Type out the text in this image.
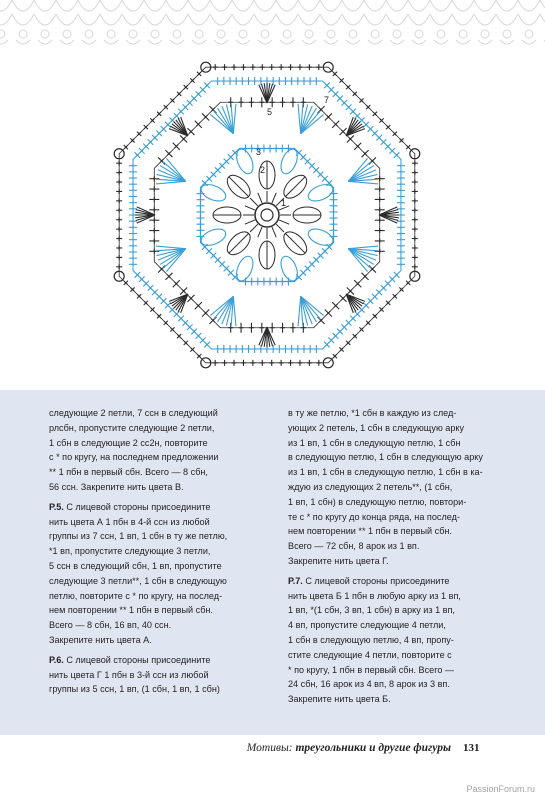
5
2
3
1
7

следующие 2 петли, 7 ссн в следующий
рлсбн, пропустите следующие 2 петли,
1 сбн в следующие 2 сс2н, повторите
с * по кругу, на последнем предложении
** 1 пбн в первый сбн. Всего — 8 сбн,
56 ссн. Закрепите нить цвета В.

Р.5. С лицевой стороны присоедините
нить цвета А 1 пбн в 4-й ссн из любой
группы из 7 ссн, 1 вп, 1 сбн в ту же петлю,
*1 вп, пропустите следующие 3 петли,
5 ссн в следующий сбн, 1 вп, пропустите
следующие 3 петли**, 1 сбн в следующую
петлю, повторите с * по кругу, на послед-
нем повторении ** 1 пбн в первый сбн.
Всего — 8 сбн, 16 вп, 40 ссн.
Закрепите нить цвета А.

Р.6. С лицевой стороны присоедините
нить цвета Г 1 пбн в 3-й ссн из любой
группы из 5 ссн, 1 вп, (1 сбн, 1 вп, 1 сбн)

в ту же петлю, *1 сбн в каждую из след-
ующих 2 петель, 1 сбн в следующую арку
из 1 вп, 1 сбн в следующую петлю, 1 сбн
в следующую петлю, 1 сбн в следующую арку
из 1 вп, 1 сбн в следующую петлю, 1 сбн в ка-
ждую из следующих 2 петель**, (1 сбн,
1 вп, 1 сбн) в следующую петлю, повтори-
те с * по кругу до конца ряда, на послед-
нем повторении ** 1 пбн в первый сбн.
Всего — 72 сбн, 8 арок из 1 вп.
Закрепите нить цвета Г.

Р.7. С лицевой стороны присоедините
нить цвета Б 1 пбн в любую арку из 1 вп,
1 вп, *(1 сбн, 3 вп, 1 сбн) в арку из 1 вп,
4 вп, пропустите следующие 4 петли,
1 сбн в следующую петлю, 4 вп, пропу-
стите следующие 4 петли, повторите с
* по кругу, 1 пбн в первый сбн. Всего —
24 сбн, 16 арок из 4 вп, 8 арок из 3 вп.
Закрепите нить цвета Б.

Мотивы: треугольники и другие фигуры 131
PassionForum.ru
